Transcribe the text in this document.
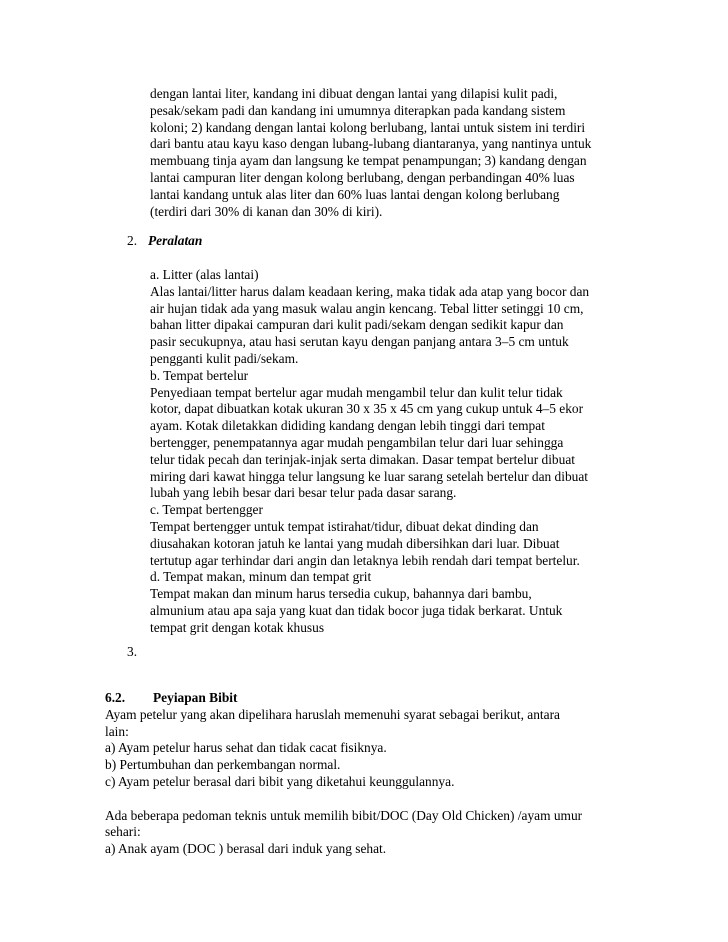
dengan lantai liter, kandang ini dibuat dengan lantai yang dilapisi kulit padi,
pesak/sekam padi dan kandang ini umumnya diterapkan pada kandang sistem
koloni; 2) kandang dengan lantai kolong berlubang, lantai untuk sistem ini terdiri
dari bantu atau kayu kaso dengan lubang-lubang diantaranya, yang nantinya untuk
membuang tinja ayam dan langsung ke tempat penampungan; 3) kandang dengan
lantai campuran liter dengan kolong berlubang, dengan perbandingan 40% luas
lantai kandang untuk alas liter dan 60% luas lantai dengan kolong berlubang
(terdiri dari 30% di kanan dan 30% di kiri).
2. Peralatan
a. Litter (alas lantai)
Alas lantai/litter harus dalam keadaan kering, maka tidak ada atap yang bocor dan
air hujan tidak ada yang masuk walau angin kencang. Tebal litter setinggi 10 cm,
bahan litter dipakai campuran dari kulit padi/sekam dengan sedikit kapur dan
pasir secukupnya, atau hasi serutan kayu dengan panjang antara 3–5 cm untuk
pengganti kulit padi/sekam.
b. Tempat bertelur
Penyediaan tempat bertelur agar mudah mengambil telur dan kulit telur tidak
kotor, dapat dibuatkan kotak ukuran 30 x 35 x 45 cm yang cukup untuk 4–5 ekor
ayam. Kotak diletakkan dididing kandang dengan lebih tinggi dari tempat
bertengger, penempatannya agar mudah pengambilan telur dari luar sehingga
telur tidak pecah dan terinjak-injak serta dimakan. Dasar tempat bertelur dibuat
miring dari kawat hingga telur langsung ke luar sarang setelah bertelur dan dibuat
lubah yang lebih besar dari besar telur pada dasar sarang.
c. Tempat bertengger
Tempat bertengger untuk tempat istirahat/tidur, dibuat dekat dinding dan
diusahakan kotoran jatuh ke lantai yang mudah dibersihkan dari luar. Dibuat
tertutup agar terhindar dari angin dan letaknya lebih rendah dari tempat bertelur.
d. Tempat makan, minum dan tempat grit
Tempat makan dan minum harus tersedia cukup, bahannya dari bambu,
almunium atau apa saja yang kuat dan tidak bocor juga tidak berkarat. Untuk
tempat grit dengan kotak khusus
3.
6.2. Peyiapan Bibit
Ayam petelur yang akan dipelihara haruslah memenuhi syarat sebagai berikut, antara
lain:
a) Ayam petelur harus sehat dan tidak cacat fisiknya.
b) Pertumbuhan dan perkembangan normal.
c) Ayam petelur berasal dari bibit yang diketahui keunggulannya.
Ada beberapa pedoman teknis untuk memilih bibit/DOC (Day Old Chicken) /ayam umur
sehari:
a) Anak ayam (DOC ) berasal dari induk yang sehat.
